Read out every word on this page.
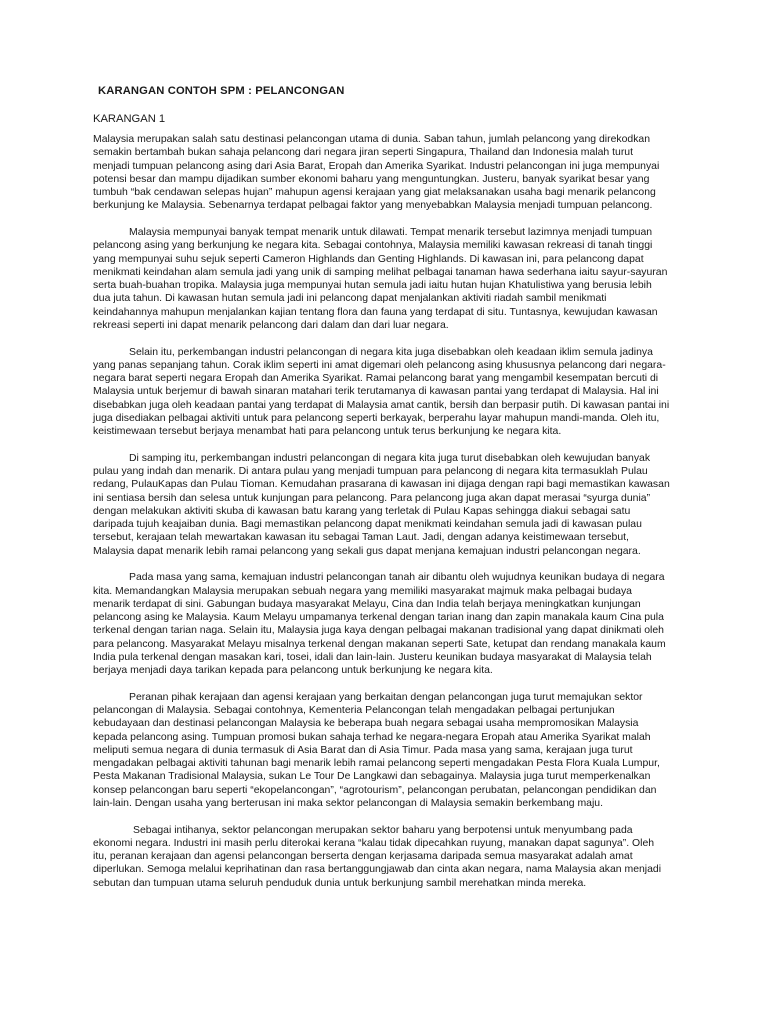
KARANGAN CONTOH SPM : PELANCONGAN
KARANGAN 1

Malaysia merupakan salah satu destinasi pelancongan utama di dunia. Saban tahun, jumlah pelancong yang direkodkan semakin bertambah bukan sahaja pelancong dari negara jiran seperti Singapura, Thailand dan Indonesia malah turut menjadi tumpuan pelancong asing dari Asia Barat, Eropah dan Amerika Syarikat. Industri pelancongan ini juga mempunyai potensi besar dan mampu dijadikan sumber ekonomi baharu yang menguntungkan. Justeru, banyak syarikat besar yang tumbuh “bak cendawan selepas hujan” mahupun agensi kerajaan yang giat melaksanakan usaha bagi menarik pelancong berkunjung ke Malaysia. Sebenarnya terdapat pelbagai faktor yang menyebabkan Malaysia menjadi tumpuan pelancong.

Malaysia mempunyai banyak tempat menarik untuk dilawati. Tempat menarik tersebut lazimnya menjadi tumpuan pelancong asing yang berkunjung ke negara kita. Sebagai contohnya, Malaysia memiliki kawasan rekreasi di tanah tinggi yang mempunyai suhu sejuk seperti Cameron Highlands dan Genting Highlands. Di kawasan ini, para pelancong dapat menikmati keindahan alam semula jadi yang unik di samping melihat pelbagai tanaman hawa sederhana iaitu sayur-sayuran serta buah-buahan tropika. Malaysia juga mempunyai hutan semula jadi iaitu hutan hujan Khatulistiwa yang berusia lebih dua juta tahun. Di kawasan hutan semula jadi ini pelancong dapat menjalankan aktiviti riadah sambil menikmati keindahannya mahupun menjalankan kajian tentang flora dan fauna yang terdapat di situ. Tuntasnya, kewujudan kawasan rekreasi seperti ini dapat menarik pelancong dari dalam dan dari luar negara.

Selain itu, perkembangan industri pelancongan di negara kita juga disebabkan oleh keadaan iklim semula jadinya yang panas sepanjang tahun. Corak iklim seperti ini amat digemari oleh pelancong asing khususnya pelancong dari negara-negara barat seperti negara Eropah dan Amerika Syarikat. Ramai pelancong barat yang mengambil kesempatan bercuti di Malaysia untuk berjemur di bawah sinaran matahari terik terutamanya di kawasan pantai yang terdapat di Malaysia. Hal ini disebabkan juga oleh keadaan pantai yang terdapat di Malaysia amat cantik, bersih dan berpasir putih. Di kawasan pantai ini juga disediakan pelbagai aktiviti untuk para pelancong seperti berkayak, berperahu layar mahupun mandi-manda. Oleh itu, keistimewaan tersebut berjaya menambat hati para pelancong untuk terus berkunjung ke negara kita.

Di samping itu, perkembangan industri pelancongan di negara kita juga turut disebabkan oleh kewujudan banyak pulau yang indah dan menarik. Di antara pulau yang menjadi tumpuan para pelancong di negara kita termasuklah Pulau redang, PulauKapas dan Pulau Tioman. Kemudahan prasarana di kawasan ini dijaga dengan rapi bagi memastikan kawasan ini sentiasa bersih dan selesa untuk kunjungan para pelancong. Para pelancong juga akan dapat merasai “syurga dunia” dengan melakukan aktiviti skuba di kawasan batu karang yang terletak di Pulau Kapas sehingga diakui sebagai satu daripada tujuh keajaiban dunia. Bagi memastikan pelancong dapat menikmati keindahan semula jadi di kawasan pulau tersebut, kerajaan telah mewartakan kawasan itu sebagai Taman Laut. Jadi, dengan adanya keistimewaan tersebut, Malaysia dapat menarik lebih ramai pelancong yang sekali gus dapat menjana kemajuan industri pelancongan negara.

Pada masa yang sama, kemajuan industri pelancongan tanah air dibantu oleh wujudnya keunikan budaya di negara kita. Memandangkan Malaysia merupakan sebuah negara yang memiliki masyarakat majmuk maka pelbagai budaya menarik terdapat di sini. Gabungan budaya masyarakat Melayu, Cina dan India telah berjaya meningkatkan kunjungan pelancong asing ke Malaysia. Kaum Melayu umpamanya terkenal dengan tarian inang dan zapin manakala kaum Cina pula terkenal dengan tarian naga. Selain itu, Malaysia juga kaya dengan pelbagai makanan tradisional yang dapat dinikmati oleh para pelancong. Masyarakat Melayu misalnya terkenal dengan makanan seperti Sate, ketupat dan rendang manakala kaum India pula terkenal dengan masakan kari, tosei, idali dan lain-lain. Justeru keunikan budaya masyarakat di Malaysia telah berjaya menjadi daya tarikan kepada para pelancong untuk berkunjung ke negara kita.

Peranan pihak kerajaan dan agensi kerajaan yang berkaitan dengan pelancongan juga turut memajukan sektor pelancongan di Malaysia. Sebagai contohnya, Kementeria Pelancongan telah mengadakan pelbagai pertunjukan kebudayaan dan destinasi pelancongan Malaysia ke beberapa buah negara sebagai usaha mempromosikan Malaysia kepada pelancong asing. Tumpuan promosi bukan sahaja terhad ke negara-negara Eropah atau Amerika Syarikat malah meliputi semua negara di dunia termasuk di Asia Barat dan di Asia Timur. Pada masa yang sama, kerajaan juga turut mengadakan pelbagai aktiviti tahunan bagi menarik lebih ramai pelancong seperti mengadakan Pesta Flora Kuala Lumpur, Pesta Makanan Tradisional Malaysia, sukan Le Tour De Langkawi dan sebagainya. Malaysia juga turut memperkenalkan konsep pelancongan baru seperti “ekopelancongan”, “agrotourism”, pelancongan perubatan, pelancongan pendidikan dan lain-lain. Dengan usaha yang berterusan ini maka sektor pelancongan di Malaysia semakin berkembang maju.

Sebagai intihanya, sektor pelancongan merupakan sektor baharu yang berpotensi untuk menyumbang pada ekonomi negara. Industri ini masih perlu diterokai kerana “kalau tidak dipecahkan ruyung, manakan dapat sagunya”. Oleh itu, peranan kerajaan dan agensi pelancongan berserta dengan kerjasama daripada semua masyarakat adalah amat diperlukan. Semoga melalui keprihatinan dan rasa bertanggungjawab dan cinta akan negara, nama Malaysia akan menjadi sebutan dan tumpuan utama seluruh penduduk dunia untuk berkunjung sambil merehatkan minda mereka.
